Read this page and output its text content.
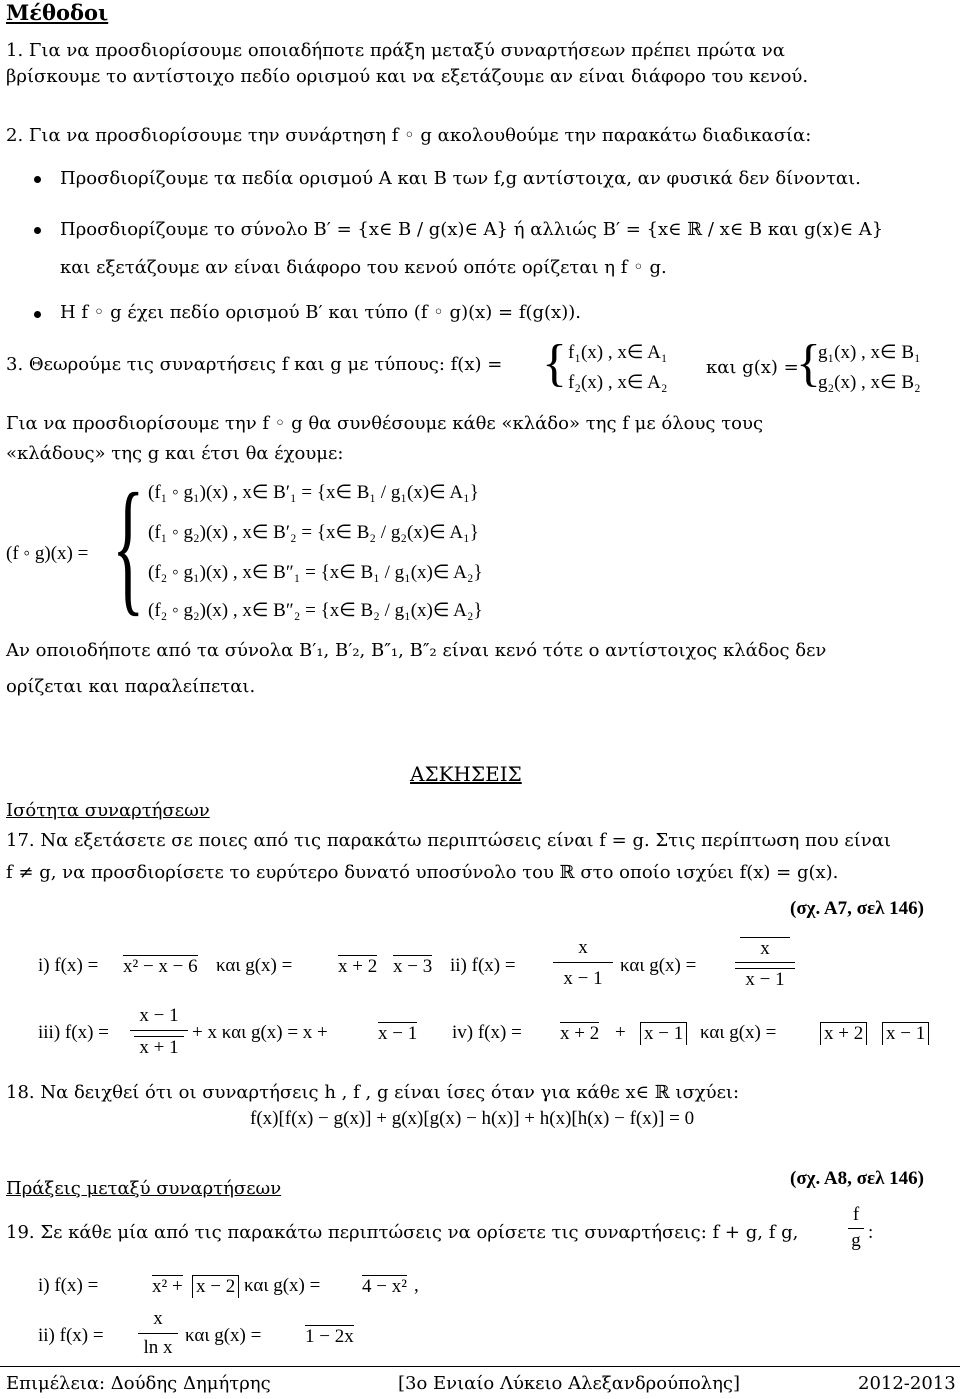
Μέθοδοι
1. Για να προσδιορίσουμε οποιαδήποτε πράξη μεταξύ συναρτήσεων πρέπει πρώτα να
βρίσκουμε το αντίστοιχο πεδίο ορισμού και να εξετάζουμε αν είναι διάφορο του κενού.
2. Για να προσδιορίσουμε την συνάρτηση f ◦ g ακολουθούμε την παρακάτω διαδικασία:
Προσδιορίζουμε τα πεδία ορισμού Α και Β των f,g αντίστοιχα, αν φυσικά δεν δίνονται.
Προσδιορίζουμε το σύνολο B′ = {x∈ B / g(x)∈ A} ή αλλιώς B′ = {x∈ ℝ / x∈ B και g(x)∈ A}
και εξετάζουμε αν είναι διάφορο του κενού οπότε ορίζεται η f ◦ g.
Η f ◦ g έχει πεδίο ορισμού B′ και τύπο (f ◦ g)(x) = f(g(x)).
3. Θεωρούμε τις συναρτήσεις f και g με τύπους: f(x) = { f₁(x) , x∈ A₁
f₂(x) , x∈ A₂
και g(x) =
{
g₁(x) , x∈ B₁
g₂(x) , x∈ B₂
Για να προσδιορίσουμε την f ◦ g θα συνθέσουμε κάθε «κλάδο» της f με όλους τους
«κλάδους» της g και έτσι θα έχουμε:
(f ◦ g)(x) = { (f₁ ◦ g₁)(x) , x∈ B′₁ = {x∈ B₁ / g₁(x)∈ A₁}
(f₁ ◦ g₂)(x) , x∈ B′₂ = {x∈ B₂ / g₂(x)∈ A₁}
(f₂ ◦ g₁)(x) , x∈ B″₁ = {x∈ B₁ / g₁(x)∈ A₂}
(f₂ ◦ g₂)(x) , x∈ B″₂ = {x∈ B₂ / g₁(x)∈ A₂}
Αν οποιοδήποτε από τα σύνολα B′₁, B′₂, B″₁, B″₂ είναι κενό τότε ο αντίστοιχος κλάδος δεν
ορίζεται και παραλείπεται.
ΑΣΚΗΣΕΙΣ
Ισότητα συναρτήσεων
17. Να εξετάσετε σε ποιες από τις παρακάτω περιπτώσεις είναι f = g. Στις περίπτωση που είναι
f ≠ g, να προσδιορίσετε το ευρύτερο δυνατό υποσύνολο του ℝ στο οποίο ισχύει f(x) = g(x).
(σχ. Α7, σελ 146)
i) f(x) = x² − x − 6 και g(x) = x + 2 x − 3 ii) f(x) =
x
x − 1
και g(x) =
x
x − 1
iii) f(x) =
x − 1
x + 1
+ x και g(x) = x +	x − 1 iv) f(x) = x + 2 + x − 1 και g(x) =	x + 2 x − 1
18. Να δειχθεί ότι οι συναρτήσεις h , f , g είναι ίσες όταν για κάθε x∈ ℝ ισχύει:
f(x)[f(x) − g(x)] + g(x)[g(x) − h(x)] + h(x)[h(x) − f(x)] = 0
(σχ. Α8, σελ 146)
Πράξεις μεταξύ συναρτήσεων
19. Σε κάθε μία από τις παρακάτω περιπτώσεις να ορίσετε τις συναρτήσεις: f + g, f g,
f
g :
i) f(x) =	x² + x − 2 και g(x) = 4 − x² ,
ii) f(x) =
x
ln x
και g(x) = 1 − 2x
Επιμέλεια: Δούδης Δημήτρης	[3ο Ενιαίο Λύκειο Αλεξανδρούπολης]	2012-2013
